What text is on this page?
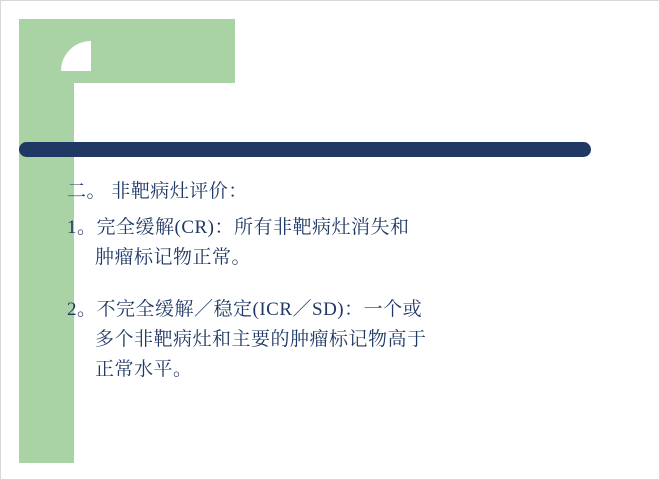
二。 非靶病灶评价：
1。完全缓解(CR)：所有非靶病灶消失和
肿瘤标记物正常。
2。不完全缓解／稳定(ICR／SD)：一个或
多个非靶病灶和主要的肿瘤标记物高于
正常水平。
